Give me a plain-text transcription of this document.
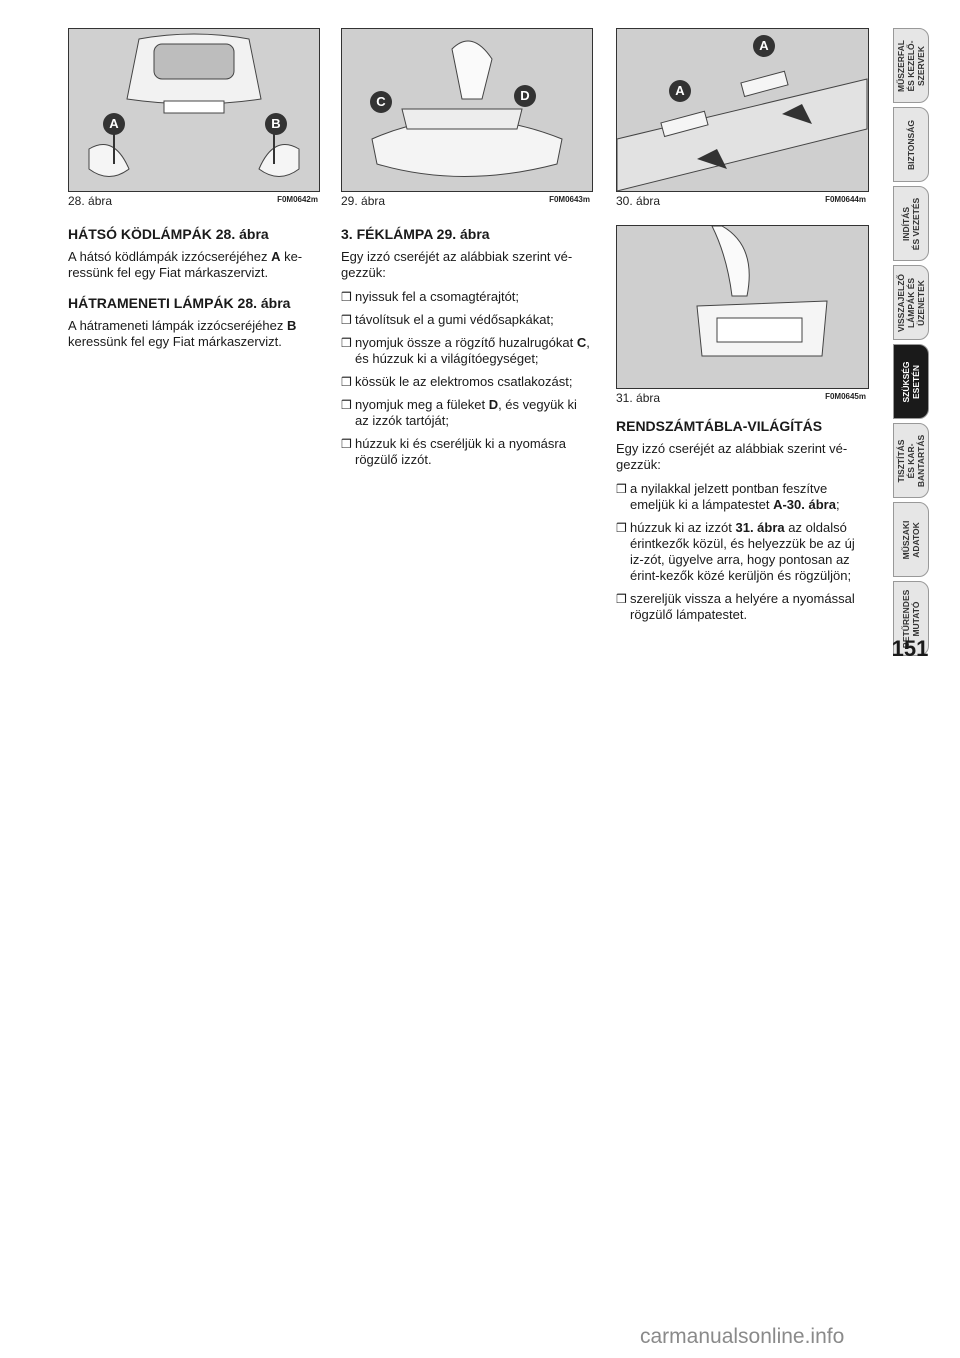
A	B
28. ábra	F0M0642m
C	D
29. ábra	F0M0643m
A
A
30. ábra	F0M0644m
31. ábra	F0M0645m
HÁTSÓ KÖDLÁMPÁK 28. ábra

A hátsó ködlámpák izzócseréjéhez A ke-ressünk fel egy Fiat márkaszervizt.

HÁTRAMENETI LÁMPÁK 28. ábra

A hátrameneti lámpák izzócseréjéhez B keressünk fel egy Fiat márkaszervizt.

3. FÉKLÁMPA 29. ábra

Egy izzó cseréjét az alábbiak szerint vé-gezzük:

❒ nyissuk fel a csomagtérajtót;
❒ távolítsuk el a gumi védősapkákat;
❒ nyomjuk össze a rögzítő huzalrugókat C, és húzzuk ki a világítóegységet;
❒ kössük le az elektromos csatlakozást;
❒ nyomjuk meg a füleket D, és vegyük ki az izzók tartóját;
❒ húzzuk ki és cseréljük ki a nyomásra rögzülő izzót.
RENDSZÁMTÁBLA-VILÁGÍTÁS

Egy izzó cseréjét az alábbiak szerint vé-gezzük:

❒ a nyilakkal jelzett pontban feszítve emeljük ki a lámpatestet A-30. ábra;
❒ húzzuk ki az izzót 31. ábra az oldalsó érintkezők közül, és helyezzük be az új iz-zót, ügyelve arra, hogy pontosan az érint-kezők közé kerüljön és rögzüljön;
❒ szereljük vissza a helyére a nyomással rögzülő lámpatestet.
MŰSZERFAL
ÉS KEZELŐ-
SZERVEK
BIZTONSÁG
INDÍTÁS
ÉS VEZETÉS
VISSZAJELZŐ
LÁMPÁK ÉS
ÜZENETEK
SZÜKSÉG
ESETÉN
TISZTÍTÁS
ÉS KAR-
BANTARTÁS
MŰSZAKI
ADATOK
BETŰRENDES
MUTATÓ
151
carmanualsonline.info
